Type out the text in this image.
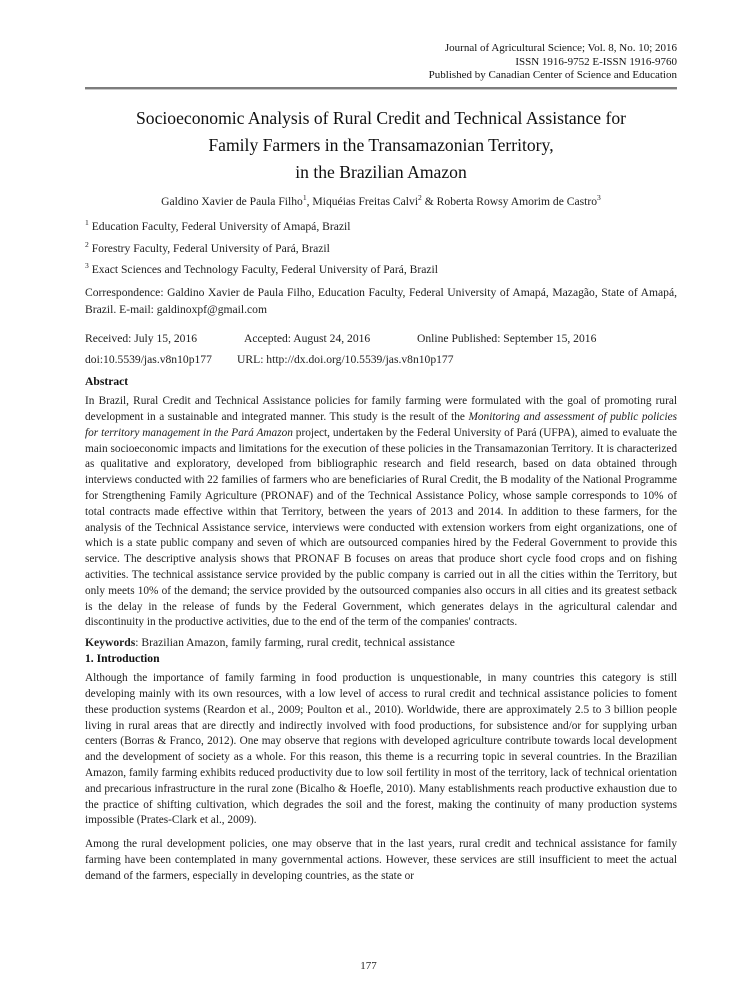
Journal of Agricultural Science; Vol. 8, No. 10; 2016
ISSN 1916-9752 E-ISSN 1916-9760
Published by Canadian Center of Science and Education
Socioeconomic Analysis of Rural Credit and Technical Assistance for
Family Farmers in the Transamazonian Territory,
in the Brazilian Amazon
Galdino Xavier de Paula Filho$^1$, Miquéias Freitas Calvi$^2$ & Roberta Rowsy Amorim de Castro$^3$
$^1$ Education Faculty, Federal University of Amapá, Brazil
$^2$ Forestry Faculty, Federal University of Pará, Brazil
$^3$ Exact Sciences and Technology Faculty, Federal University of Pará, Brazil

Correspondence: Galdino Xavier de Paula Filho, Education Faculty, Federal University of Amapá, Mazagão, State of Amapá, Brazil. E-mail: galdinoxpf@gmail.com

Received: July 15, 2016	Accepted: August 24, 2016	Online Published: September 15, 2016
doi:10.5539/jas.v8n10p177 URL: http://dx.doi.org/10.5539/jas.v8n10p177
Abstract

In Brazil, Rural Credit and Technical Assistance policies for family farming were formulated with the goal of promoting rural development in a sustainable and integrated manner. This study is the result of the Monitoring and assessment of public policies for territory management in the Pará Amazon project, undertaken by the Federal University of Pará (UFPA), aimed to evaluate the main socioeconomic impacts and limitations for the execution of these policies in the Transamazonian Territory. It is characterized as qualitative and exploratory, developed from bibliographic research and field research, based on data obtained through interviews conducted with 22 families of farmers who are beneficiaries of Rural Credit, the B modality of the National Programme for Strengthening Family Agriculture (PRONAF) and of the Technical Assistance Policy, whose sample corresponds to 10% of total contracts made effective within that Territory, between the years of 2013 and 2014. In addition to these farmers, for the analysis of the Technical Assistance service, interviews were conducted with extension workers from eight organizations, one of which is a state public company and seven of which are outsourced companies hired by the Federal Government to provide this service. The descriptive analysis shows that PRONAF B focuses on areas that produce short cycle food crops and on fishing activities. The technical assistance service provided by the public company is carried out in all the cities within the Territory, but only meets 10% of the demand; the service provided by the outsourced companies also occurs in all cities and its greatest setback is the delay in the release of funds by the Federal Government, which generates delays in the agricultural calendar and discontinuity in the productive activities, due to the end of the term of the companies' contracts.

Keywords: Brazilian Amazon, family farming, rural credit, technical assistance

1. Introduction

Although the importance of family farming in food production is unquestionable, in many countries this category is still developing mainly with its own resources, with a low level of access to rural credit and technical assistance policies to foment these production systems (Reardon et al., 2009; Poulton et al., 2010). Worldwide, there are approximately 2.5 to 3 billion people living in rural areas that are directly and indirectly involved with food productions, for subsistence and/or for supplying urban centers (Borras & Franco, 2012). One may observe that regions with developed agriculture contribute towards local development and the development of society as a whole. For this reason, this theme is a recurring topic in several countries. In the Brazilian Amazon, family farming exhibits reduced productivity due to low soil fertility in most of the territory, lack of technical orientation and precarious infrastructure in the rural zone (Bicalho & Hoefle, 2010). Many establishments reach productive exhaustion due to the practice of shifting cultivation, which degrades the soil and the forest, making the continuity of many production systems impossible (Prates-Clark et al., 2009).

Among the rural development policies, one may observe that in the last years, rural credit and technical assistance for family farming have been contemplated in many governmental actions. However, these services are still insufficient to meet the actual demand of the farmers, especially in developing countries, as the state or

177
